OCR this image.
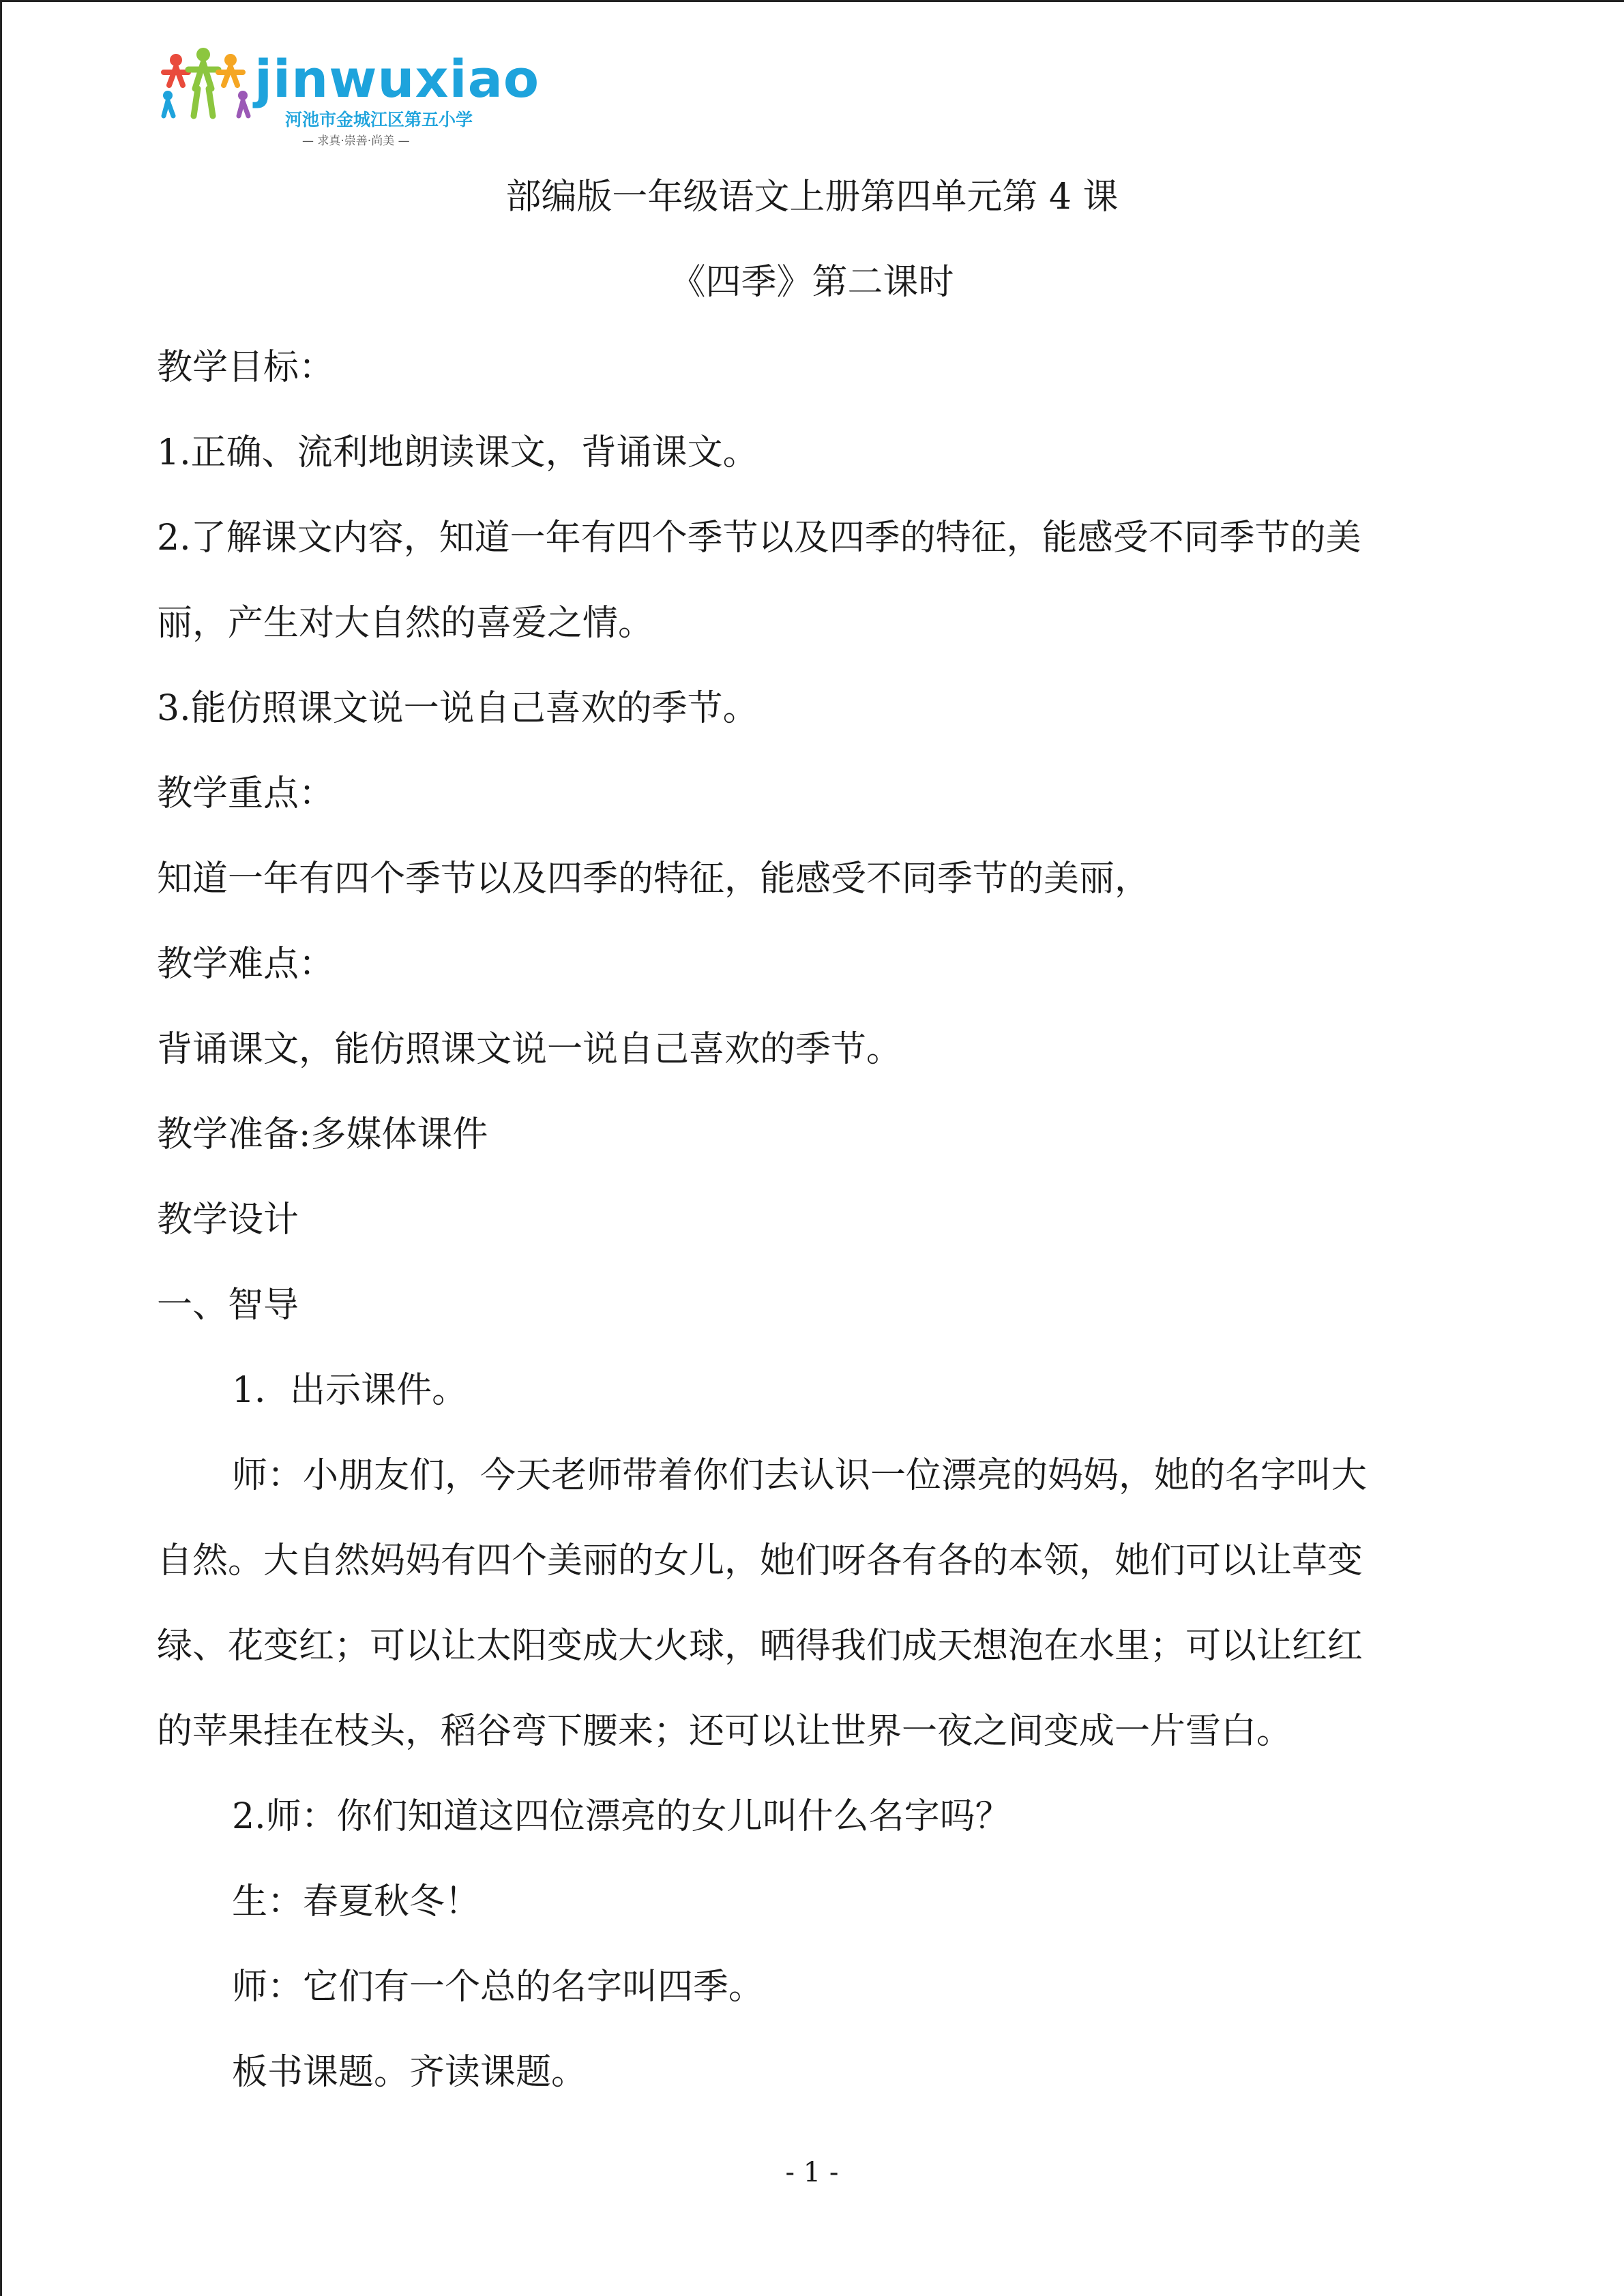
jinwuxiao
河池市金城江区第五小学
— 求真·崇善·尚美 —
部编版一年级语文上册第四单元第 4 课
《四季》第二课时
教学目标：
1.正确、流利地朗读课文，背诵课文。
2.了解课文内容，知道一年有四个季节以及四季的特征，能感受不同季节的美
丽，产生对大自然的喜爱之情。
3.能仿照课文说一说自己喜欢的季节。
教学重点：
知道一年有四个季节以及四季的特征，能感受不同季节的美丽，
教学难点：
背诵课文，能仿照课文说一说自己喜欢的季节。
教学准备:多媒体课件
教学设计
一、智导
1．出示课件。
师：小朋友们，今天老师带着你们去认识一位漂亮的妈妈，她的名字叫大
自然。大自然妈妈有四个美丽的女儿，她们呀各有各的本领，她们可以让草变
绿、花变红；可以让太阳变成大火球，晒得我们成天想泡在水里；可以让红红
的苹果挂在枝头，稻谷弯下腰来；还可以让世界一夜之间变成一片雪白。
2.师：你们知道这四位漂亮的女儿叫什么名字吗？
生：春夏秋冬！
师：它们有一个总的名字叫四季。
板书课题。齐读课题。
- 1 -
